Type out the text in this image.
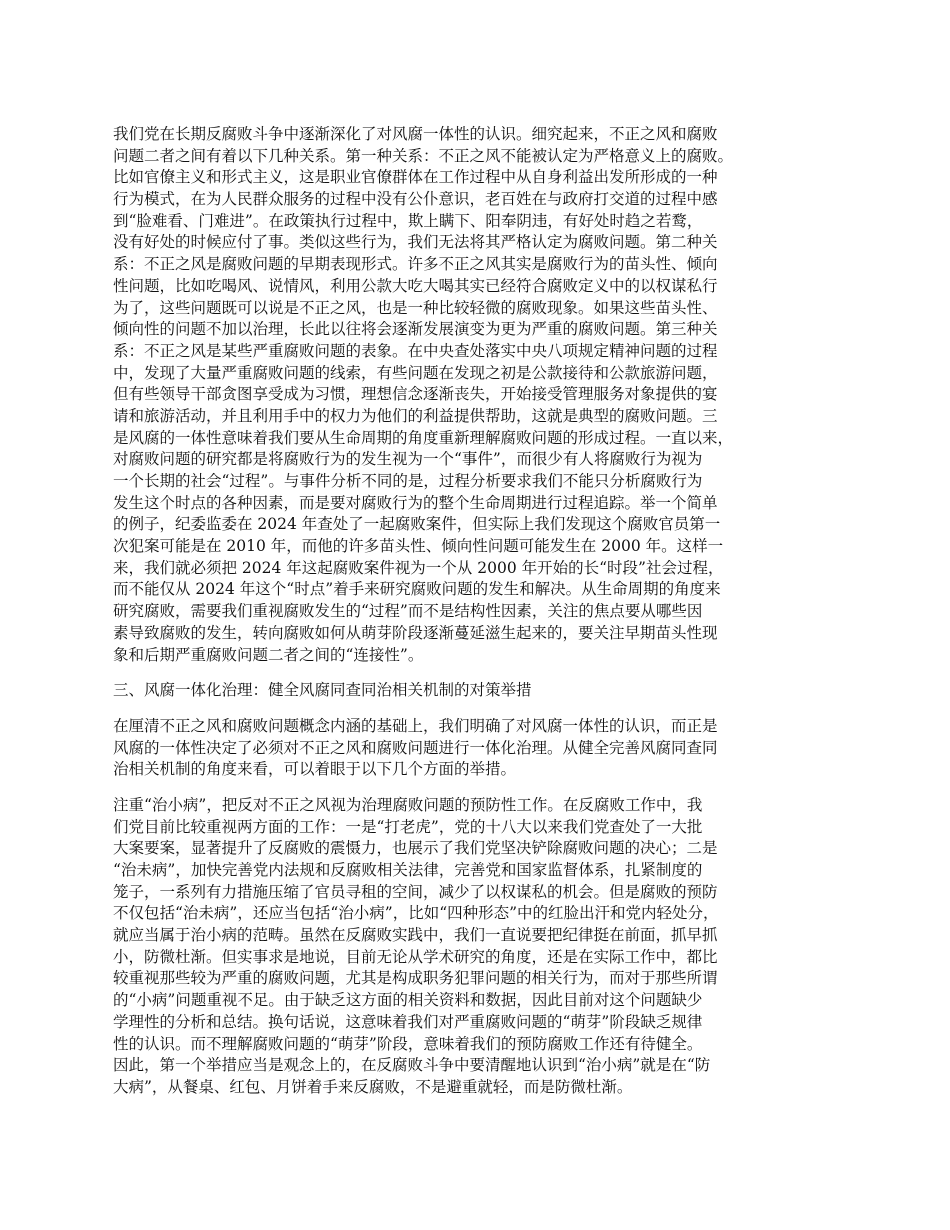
我们党在长期反腐败斗争中逐渐深化了对风腐一体性的认识。细究起来，不正之风和腐败
问题二者之间有着以下几种关系。第一种关系：不正之风不能被认定为严格意义上的腐败。
比如官僚主义和形式主义，这是职业官僚群体在工作过程中从自身利益出发所形成的一种
行为模式，在为人民群众服务的过程中没有公仆意识，老百姓在与政府打交道的过程中感
到“脸难看、门难进”。在政策执行过程中，欺上瞒下、阳奉阴违，有好处时趋之若鹜，
没有好处的时候应付了事。类似这些行为，我们无法将其严格认定为腐败问题。第二种关
系：不正之风是腐败问题的早期表现形式。许多不正之风其实是腐败行为的苗头性、倾向
性问题，比如吃喝风、说情风，利用公款大吃大喝其实已经符合腐败定义中的以权谋私行
为了，这些问题既可以说是不正之风，也是一种比较轻微的腐败现象。如果这些苗头性、
倾向性的问题不加以治理，长此以往将会逐渐发展演变为更为严重的腐败问题。第三种关
系：不正之风是某些严重腐败问题的表象。在中央查处落实中央八项规定精神问题的过程
中，发现了大量严重腐败问题的线索，有些问题在发现之初是公款接待和公款旅游问题，
但有些领导干部贪图享受成为习惯，理想信念逐渐丧失，开始接受管理服务对象提供的宴
请和旅游活动，并且利用手中的权力为他们的利益提供帮助，这就是典型的腐败问题。三
是风腐的一体性意味着我们要从生命周期的角度重新理解腐败问题的形成过程。一直以来，
对腐败问题的研究都是将腐败行为的发生视为一个“事件”，而很少有人将腐败行为视为
一个长期的社会“过程”。与事件分析不同的是，过程分析要求我们不能只分析腐败行为
发生这个时点的各种因素，而是要对腐败行为的整个生命周期进行过程追踪。举一个简单
的例子，纪委监委在 2024 年查处了一起腐败案件，但实际上我们发现这个腐败官员第一
次犯案可能是在 2010 年，而他的许多苗头性、倾向性问题可能发生在 2000 年。这样一
来，我们就必须把 2024 年这起腐败案件视为一个从 2000 年开始的长“时段”社会过程，
而不能仅从 2024 年这个“时点”着手来研究腐败问题的发生和解决。从生命周期的角度来
研究腐败，需要我们重视腐败发生的“过程”而不是结构性因素，关注的焦点要从哪些因
素导致腐败的发生，转向腐败如何从萌芽阶段逐渐蔓延滋生起来的，要关注早期苗头性现
象和后期严重腐败问题二者之间的“连接性”。
三、风腐一体化治理：健全风腐同查同治相关机制的对策举措
在厘清不正之风和腐败问题概念内涵的基础上，我们明确了对风腐一体性的认识，而正是
风腐的一体性决定了必须对不正之风和腐败问题进行一体化治理。从健全完善风腐同查同
治相关机制的角度来看，可以着眼于以下几个方面的举措。
注重“治小病”，把反对不正之风视为治理腐败问题的预防性工作。在反腐败工作中，我
们党目前比较重视两方面的工作：一是“打老虎”，党的十八大以来我们党查处了一大批
大案要案，显著提升了反腐败的震慑力，也展示了我们党坚决铲除腐败问题的决心；二是
“治未病”，加快完善党内法规和反腐败相关法律，完善党和国家监督体系，扎紧制度的
笼子，一系列有力措施压缩了官员寻租的空间，减少了以权谋私的机会。但是腐败的预防
不仅包括“治未病”，还应当包括“治小病”，比如“四种形态”中的红脸出汗和党内轻处分，
就应当属于治小病的范畴。虽然在反腐败实践中，我们一直说要把纪律挺在前面，抓早抓
小，防微杜渐。但实事求是地说，目前无论从学术研究的角度，还是在实际工作中，都比
较重视那些较为严重的腐败问题，尤其是构成职务犯罪问题的相关行为，而对于那些所谓
的“小病”问题重视不足。由于缺乏这方面的相关资料和数据，因此目前对这个问题缺少
学理性的分析和总结。换句话说，这意味着我们对严重腐败问题的“萌芽”阶段缺乏规律
性的认识。而不理解腐败问题的“萌芽”阶段，意味着我们的预防腐败工作还有待健全。
因此，第一个举措应当是观念上的，在反腐败斗争中要清醒地认识到“治小病”就是在“防
大病”，从餐桌、红包、月饼着手来反腐败，不是避重就轻，而是防微杜渐。
